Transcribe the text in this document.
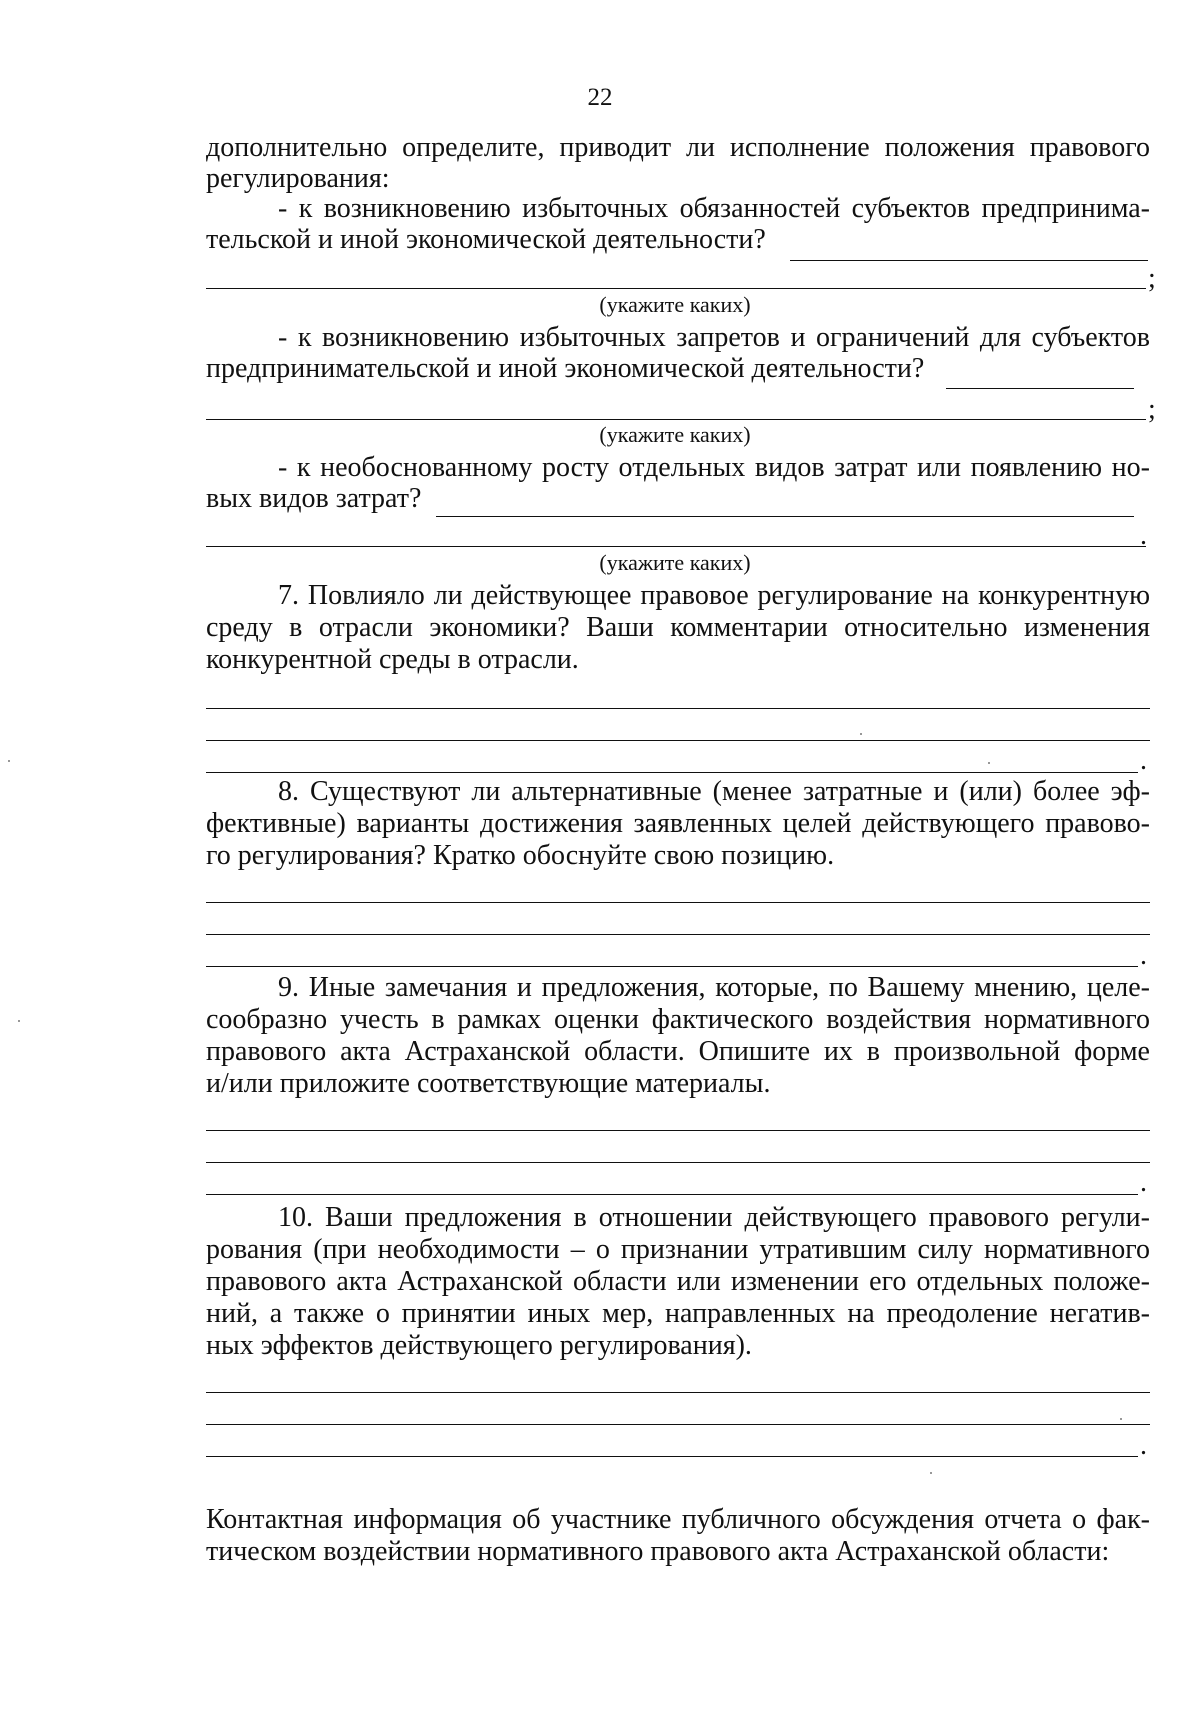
22
дополнительно определите, приводит ли исполнение положения правового
регулирования:
- к возникновению избыточных обязанностей субъектов предпринима-
тельской и иной экономической деятельности?
;
(укажите каких)
- к возникновению избыточных запретов и ограничений для субъектов
предпринимательской и иной экономической деятельности?
;
(укажите каких)
- к необоснованному росту отдельных видов затрат или появлению но-
вых видов затрат?
.
(укажите каких)
7. Повлияло ли действующее правовое регулирование на конкурентную
среду в отрасли экономики? Ваши комментарии относительно изменения
конкурентной среды в отрасли.
.
8. Существуют ли альтернативные (менее затратные и (или) более эф-
фективные) варианты достижения заявленных целей действующего правово-
го регулирования? Кратко обоснуйте свою позицию.
.
9. Иные замечания и предложения, которые, по Вашему мнению, целе-
сообразно учесть в рамках оценки фактического воздействия нормативного
правового акта Астраханской области. Опишите их в произвольной форме
и/или приложите соответствующие материалы.
.
10. Ваши предложения в отношении действующего правового регули-
рования (при необходимости – о признании утратившим силу нормативного
правового акта Астраханской области или изменении его отдельных положе-
ний, а также о принятии иных мер, направленных на преодоление негатив-
ных эффектов действующего регулирования).
.
Контактная информация об участнике публичного обсуждения отчета о фак-
тическом воздействии нормативного правового акта Астраханской области:
